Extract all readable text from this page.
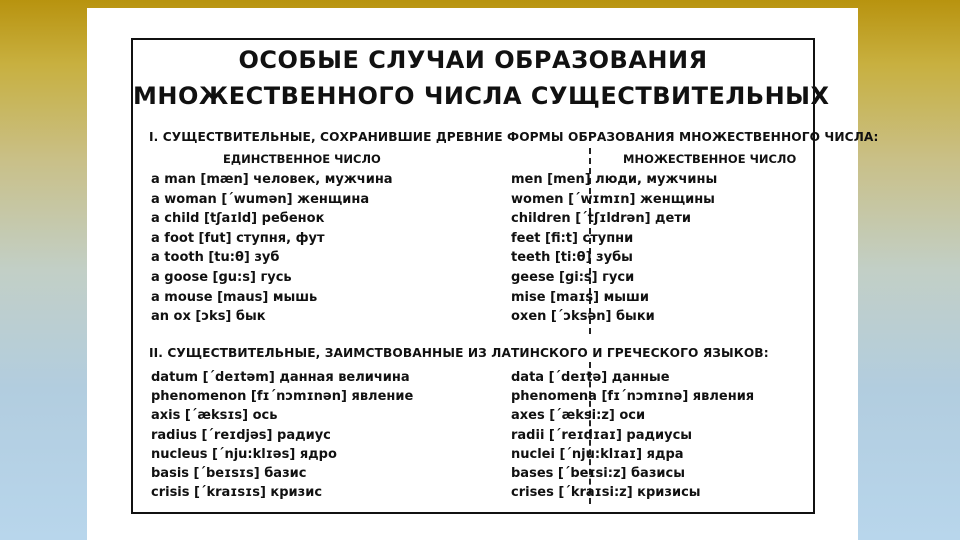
ОСОБЫЕ СЛУЧАИ ОБРАЗОВАНИЯ
МНОЖЕСТВЕННОГО ЧИСЛА СУЩЕСТВИТЕЛЬНЫХ
I. СУЩЕСТВИТЕЛЬНЫЕ, СОХРАНИВШИЕ ДРЕВНИЕ ФОРМЫ ОБРАЗОВАНИЯ МНОЖЕСТВЕННОГО ЧИСЛА:
ЕДИНСТВЕННОЕ ЧИСЛО	МНОЖЕСТВЕННОЕ ЧИСЛО
a man [mæn] человек, мужчина
a woman [´wumən] женщина
a child [tʃaɪld] ребенок
a foot [fut] ступня, фут
a tooth [tu:θ] зуб
a goose [gu:s] гусь
a mouse [maus] мышь
an ox [ɔks] бык
men [men] люди, мужчины
women [´wɪmɪn] женщины
children [´tʃɪldrən] дети
feet [fi:t] ступни
teeth [ti:θ] зубы
geese [gi:s] гуси
mise [maɪs] мыши
oxen [´ɔksən] быки
II. СУЩЕСТВИТЕЛЬНЫЕ, ЗАИМСТВОВАННЫЕ ИЗ ЛАТИНСКОГО И ГРЕЧЕСКОГО ЯЗЫКОВ:
datum [´deɪtəm] данная величина
phenomenon [fɪ´nɔmɪnən] явление
axis [´æksɪs] ось
radius [´reɪdjəs] радиус
nucleus [´nju:klɪəs] ядро
basis [´beɪsɪs] базис
crisis [´kraɪsɪs] кризис
data [´deɪtə] данные
phenomena [fɪ´nɔmɪnə] явления
axes [´æksi:z] оси
radii [´reɪdɪaɪ] радиусы
nuclei [´nju:klɪaɪ] ядра
bases [´beɪsi:z] базисы
crises [´kraɪsi:z] кризисы
